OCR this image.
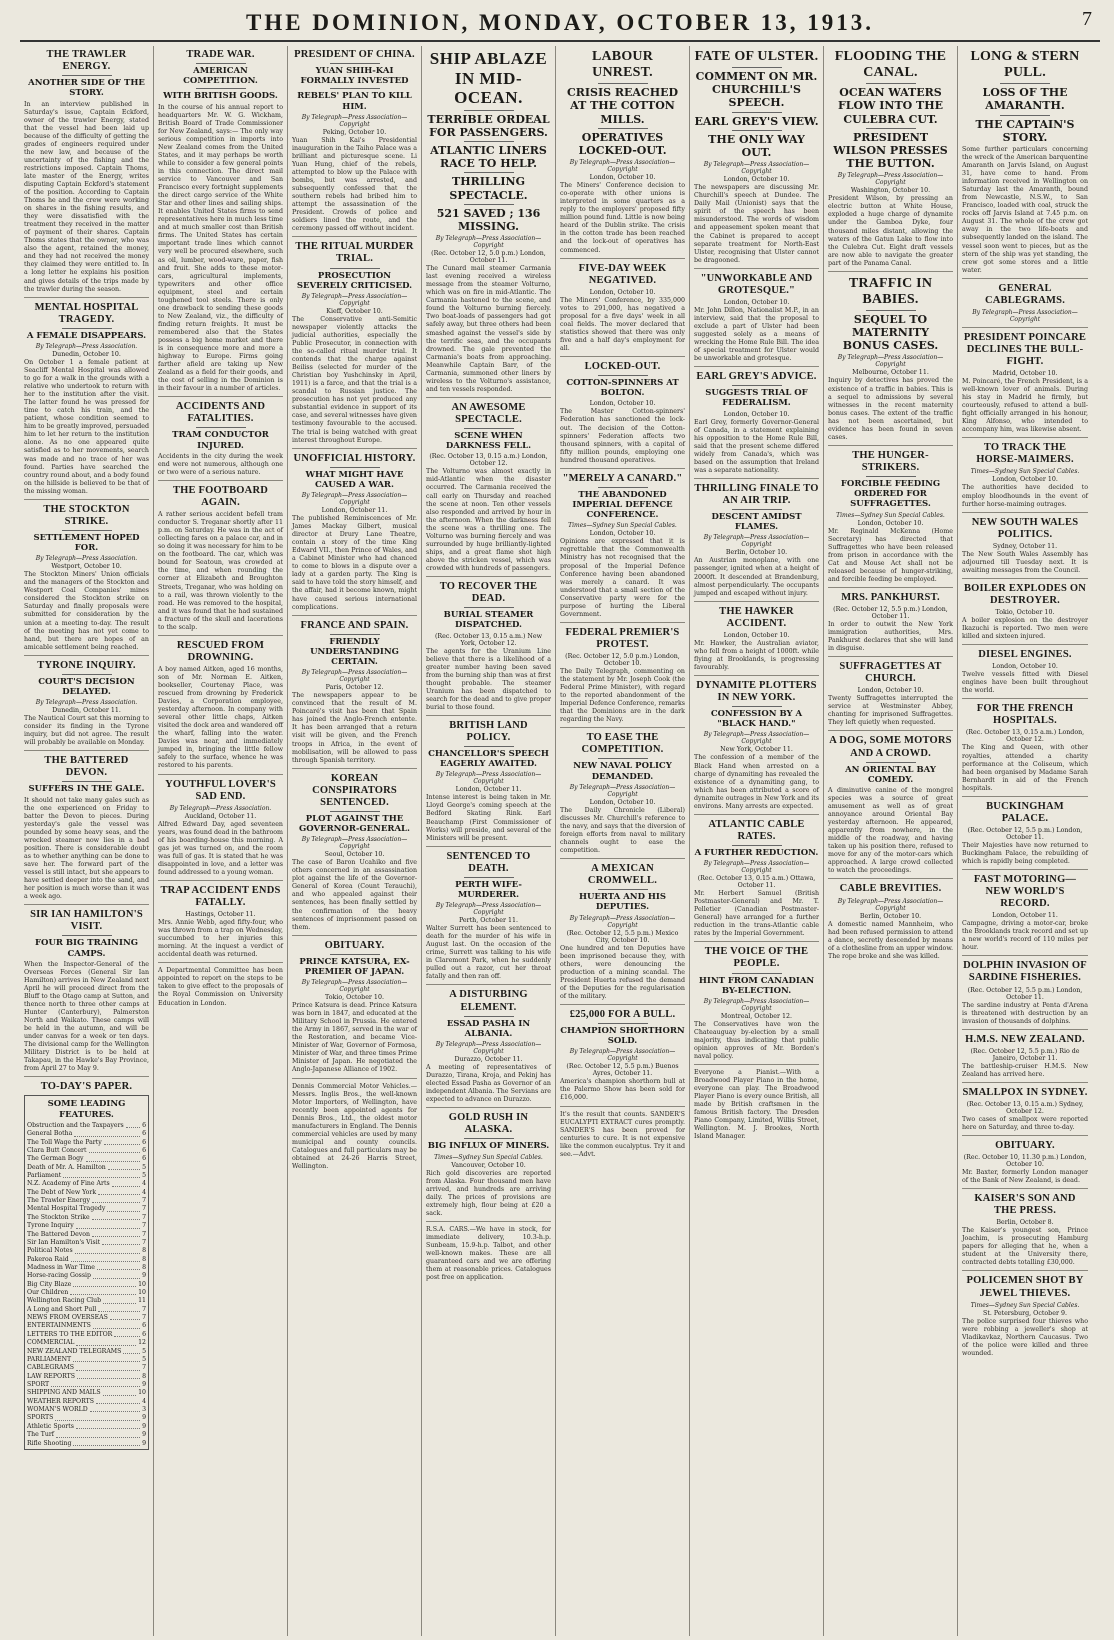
THE DOMINION, MONDAY, OCTOBER 13, 1913.	7
THE TRAWLER ENERGY.
ANOTHER SIDE OF THE STORY.
In an interview published in Saturday's issue, Captain Eckford, owner of the trawler Energy, stated that the vessel had been laid up because of the difficulty of getting the grades of engineers required under the new law, and because of the uncertainty of the fishing and the restrictions imposed. Captain Thoms, late master of the Energy, writes disputing Captain Eckford's statement of the position. According to Captain Thoms he and the crew were working on shares in the fishing results, and they were dissatisfied with the treatment they received in the matter of payment of their shares. Captain Thoms states that the owner, who was also the agent, retained the money, and they had not received the money they claimed they were entitled to. In a long letter he explains his position and gives details of the trips made by the trawler during the season.
MENTAL HOSPITAL TRAGEDY.
A FEMALE DISAPPEARS.
By Telegraph—Press Association.
Dunedin, October 10.
On October 1 a female patient at Seacliff Mental Hospital was allowed to go for a walk in the grounds with a relative who undertook to return with her to the institution after the visit. The latter found he was pressed for time to catch his train, and the patient, whose condition seemed to him to be greatly improved, persuaded him to let her return to the institution alone. As no one appeared quite satisfied as to her movements, search was made and no trace of her was found. Parties have searched the country round about, and a body found on the hillside is believed to be that of the missing woman.
THE STOCKTON STRIKE.
SETTLEMENT HOPED FOR.
By Telegraph—Press Association.
Westport, October 10.
The Stockton Miners' Union officials and the managers of the Stockton and Westport Coal Companies' mines considered the Stockton strike on Saturday and finally proposals were submitted for consideration by the union at a meeting to-day. The result of the meeting has not yet come to hand, but there are hopes of an amicable settlement being reached.
TYRONE INQUIRY.
COURT'S DECISION DELAYED.
By Telegraph—Press Association.
Dunedin, October 11.
The Nautical Court sat this morning to consider its finding in the Tyrone inquiry, but did not agree. The result will probably be available on Monday.
THE BATTERED DEVON.
SUFFERS IN THE GALE.
It should not take many gales such as the one experienced on Friday to batter the Devon to pieces. During yesterday's gale the vessel was pounded by some heavy seas, and the wrecked steamer now lies in a bad position. There is considerable doubt as to whether anything can be done to save her. The forward part of the vessel is still intact, but she appears to have settled deeper into the sand, and her position is much worse than it was a week ago.
SIR IAN HAMILTON'S VISIT.
FOUR BIG TRAINING CAMPS.
When the Inspector-General of the Overseas Forces (General Sir Ian Hamilton) arrives in New Zealand next April he will proceed direct from the Bluff to the Otago camp at Sutton, and thence north to three other camps at Hunter (Canterbury), Palmerston North and Waikato. These camps will be held in the autumn, and will be under canvas for a week or ten days. The divisional camp for the Wellington Military District is to be held at Takapau, in the Hawke's Bay Province, from April 27 to May 9.
TO-DAY'S PAPER.
SOME LEADING FEATURES.
Obstruction and the Taxpayers	6
General Botha	6
The Toll Wage the Party	6
Clara Butt Concert	6
The German Bogy	6
Death of Mr. A. Hamilton	5
Parliament	5
N.Z. Academy of Fine Arts	4
The Debt of New York	4
The Trawler Energy	7
Mental Hospital Tragedy	7
The Stockton Strike	7
Tyrone Inquiry	7
The Battered Devon	7
Sir Ian Hamilton's Visit	7
Political Notes	8
Pakeroa Raid	8
Madness in War Time	8
Horse-racing Gossip	9
Big City Blaze	10
Our Children	10
Wellington Racing Club	11
A Long and Short Pull	7
NEWS FROM OVERSEAS	7
ENTERTAINMENTS	6
LETTERS TO THE EDITOR	6
COMMERCIAL	12
NEW ZEALAND TELEGRAMS	5
PARLIAMENT	5
CABLEGRAMS	7
LAW REPORTS	8
SPORT	9
SHIPPING AND MAILS	10
WEATHER REPORTS	4
WOMAN'S WORLD	3
SPORTS	9
Athletic Sports	9
The Turf	9
Rifle Shooting	9
TRADE WAR.
AMERICAN COMPETITION.
WITH BRITISH GOODS.
In the course of his annual report to headquarters Mr. W. G. Wickham, British Board of Trade Commissioner for New Zealand, says:— The only way serious competition in imports into New Zealand comes from the United States, and it may perhaps be worth while to consider a few general points in this connection. The direct mail service to Vancouver and San Francisco every fortnight supplements the direct cargo service of the White Star and other lines and sailing ships. It enables United States firms to send representatives here in much less time and at much smaller cost than British firms. The United States has certain important trade lines which cannot very well be procured elsewhere, such as oil, lumber, wood-ware, paper, fish and fruit. She adds to these motor-cars, agricultural implements, typewriters and other office equipment, steel and certain toughened tool steels. There is only one drawback to sending these goods to New Zealand, viz., the difficulty of finding return freights. It must be remembered also that the States possess a big home market and there is in consequence more and more a highway to Europe. Firms going farther afield are taking up New Zealand as a field for their goods, and the cost of selling in the Dominion is in their favour in a number of articles.
ACCIDENTS AND FATALITIES.
TRAM CONDUCTOR INJURED.
Accidents in the city during the week end were not numerous, although one or two were of a serious nature.
THE FOOTBOARD AGAIN.
A rather serious accident befell tram conductor S. Treganar shortly after 11 p.m. on Saturday. He was in the act of collecting fares on a palace car, and in so doing it was necessary for him to be on the footboard. The car, which was bound for Seatoun, was crowded at the time, and when rounding the corner at Elizabeth and Broughton Streets, Treganar, who was holding on to a rail, was thrown violently to the road. He was removed to the hospital, and it was found that he had sustained a fracture of the skull and lacerations to the scalp.
RESCUED FROM DROWNING.
A boy named Aitken, aged 16 months, son of Mr. Norman E. Aitken, bookseller, Courtenay Place, was rescued from drowning by Frederick Davies, a Corporation employee, yesterday afternoon. In company with several other little chaps, Aitken visited the dock area and wandered off the wharf, falling into the water. Davies was near, and immediately jumped in, bringing the little fellow safely to the surface, whence he was restored to his parents.
YOUTHFUL LOVER'S SAD END.
By Telegraph—Press Association.
Auckland, October 11.
Alfred Edward Day, aged seventeen years, was found dead in the bathroom of his boarding-house this morning. A gas jet was turned on, and the room was full of gas. It is stated that he was disappointed in love, and a letter was found addressed to a young woman.
TRAP ACCIDENT ENDS FATALLY.
Hastings, October 11.
Mrs. Annie Webb, aged fifty-four, who was thrown from a trap on Wednesday, succumbed to her injuries this morning. At the inquest a verdict of accidental death was returned.
A Departmental Committee has been appointed to report on the steps to be taken to give effect to the proposals of the Royal Commission on University Education in London.
PRESIDENT OF CHINA.
YUAN SHIH-KAI FORMALLY INVESTED
REBELS' PLAN TO KILL HIM.
By Telegraph—Press Association—Copyright
Peking, October 10.
Yuan Shih Kai's Presidential inauguration in the Taiho Palace was a brilliant and picturesque scene. Li Yuan Hung, chief of the rebels, attempted to blow up the Palace with bombs, but was arrested, and subsequently confessed that the southern rebels had bribed him to attempt the assassination of the President. Crowds of police and soldiers lined the route, and the ceremony passed off without incident.
THE RITUAL MURDER TRIAL.
PROSECUTION SEVERELY CRITICISED.
By Telegraph—Press Association—Copyright
Kieff, October 10.
The Conservative anti-Semitic newspaper violently attacks the judicial authorities, especially the Public Prosecutor, in connection with the so-called ritual murder trial. It contends that the charge against Beiliss (selected for murder of the Christian boy Yushchinsky in April, 1911) is a farce, and that the trial is a scandal to Russian justice. The prosecution has not yet produced any substantial evidence in support of its case, and several witnesses have given testimony favourable to the accused. The trial is being watched with great interest throughout Europe.
UNOFFICIAL HISTORY.
WHAT MIGHT HAVE CAUSED A WAR.
By Telegraph—Press Association—Copyright
London, October 11.
The published Reminiscences of Mr. James Mackay Gilbert, musical director at Drury Lane Theatre, contain a story of the time King Edward VII., then Prince of Wales, and a Cabinet Minister who had chanced to come to blows in a dispute over a lady at a garden party. The King is said to have told the story himself, and the affair, had it become known, might have caused serious international complications.
FRANCE AND SPAIN.
FRIENDLY UNDERSTANDING CERTAIN.
By Telegraph—Press Association—Copyright
Paris, October 12.
The newspapers appear to be convinced that the result of M. Poincaré's visit has been that Spain has joined the Anglo-French entente. It has been arranged that a return visit will be given, and the French troops in Africa, in the event of mobilisation, will be allowed to pass through Spanish territory.
KOREAN CONSPIRATORS SENTENCED.
PLOT AGAINST THE GOVERNOR-GENERAL.
By Telegraph—Press Association—Copyright
Seoul, October 10.
The case of Baron Ucahiko and five others concerned in an assassination plot against the life of the Governor-General of Korea (Count Terauchi), and who appealed against their sentences, has been finally settled by the confirmation of the heavy sentences of imprisonment passed on them.
OBITUARY.
PRINCE KATSURA, EX-PREMIER OF JAPAN.
By Telegraph—Press Association—Copyright
Tokio, October 10.
Prince Katsura is dead. Prince Katsura was born in 1847, and educated at the Military School in Prussia. He entered the Army in 1867, served in the war of the Restoration, and became Vice-Minister of War, Governor of Formosa, Minister of War, and three times Prime Minister of Japan. He negotiated the Anglo-Japanese Alliance of 1902.
Dennis Commercial Motor Vehicles.—Messrs. Inglis Bros., the well-known Motor Importers, of Wellington, have recently been appointed agents for Dennis Bros., Ltd., the oldest motor manufacturers in England. The Dennis commercial vehicles are used by many municipal and county councils. Catalogues and full particulars may be obtained at 24-26 Harris Street, Wellington.
SHIP ABLAZE IN MID-OCEAN.
TERRIBLE ORDEAL FOR PASSENGERS.
ATLANTIC LINERS RACE TO HELP.
THRILLING SPECTACLE.
521 SAVED ; 136 MISSING.
By Telegraph—Press Association—Copyright
(Rec. October 12, 5.0 p.m.) London, October 11.
The Cunard mail steamer Carmania last evening received a wireless message from the steamer Volturno, which was on fire in mid-Atlantic. The Carmania hastened to the scene, and found the Volturno burning fiercely. Two boat-loads of passengers had got safely away, but three others had been smashed against the vessel's side by the terrific seas, and the occupants drowned. The gale prevented the Carmania's boats from approaching. Meanwhile Captain Barr, of the Carmania, summoned other liners by wireless to the Volturno's assistance, and ten vessels responded.
AN AWESOME SPECTACLE.
SCENE WHEN DARKNESS FELL.
(Rec. October 13, 0.15 a.m.) London, October 12.
The Volturno was almost exactly in mid-Atlantic when the disaster occurred. The Carmania received the call early on Thursday and reached the scene at noon. Ten other vessels also responded and arrived by hour in the afternoon. When the darkness fell the scene was a thrilling one. The Volturno was burning fiercely and was surrounded by huge brilliantly-lighted ships, and a great flame shot high above the stricken vessel, which was crowded with hundreds of passengers.
TO RECOVER THE DEAD.
BURIAL STEAMER DISPATCHED.
(Rec. October 13, 0.15 a.m.) New York, October 12.
The agents for the Uranium Line believe that there is a likelihood of a greater number having been saved from the burning ship than was at first thought probable. The steamer Uranium has been dispatched to search for the dead and to give proper burial to those found.
BRITISH LAND POLICY.
CHANCELLOR'S SPEECH EAGERLY AWAITED.
By Telegraph—Press Association—Copyright
London, October 11.
Intense interest is being taken in Mr. Lloyd George's coming speech at the Bedford Skating Rink. Earl Beauchamp (First Commissioner of Works) will preside, and several of the Ministers will be present.
SENTENCED TO DEATH.
PERTH WIFE-MURDERER.
By Telegraph—Press Association—Copyright
Perth, October 11.
Walter Surrett has been sentenced to death for the murder of his wife in August last. On the occasion of the crime, Surrett was talking to his wife in Claremont Park, when he suddenly pulled out a razor, cut her throat fatally and then ran off.
A DISTURBING ELEMENT.
ESSAD PASHA IN ALBANIA.
By Telegraph—Press Association—Copyright
Durazzo, October 11.
A meeting of representatives of Durazzo, Tirana, Kroja, and Pekinj has elected Essad Pasha as Governor of an independent Albania. The Servians are expected to advance on Durazzo.
GOLD RUSH IN ALASKA.
BIG INFLUX OF MINERS.
Times—Sydney Sun Special Cables.
Vancouver, October 10.
Rich gold discoveries are reported from Alaska. Four thousand men have arrived, and hundreds are arriving daily. The prices of provisions are extremely high, flour being at £20 a sack.
R.S.A. CARS.—We have in stock, for immediate delivery, 10.3-h.p. Sunbeam, 15.9-h.p. Talbot, and other well-known makes. These are all guaranteed cars and we are offering them at reasonable prices. Catalogues post free on application.
LABOUR UNREST.
CRISIS REACHED AT THE COTTON MILLS.
OPERATIVES LOCKED-OUT.
By Telegraph—Press Association—Copyright
London, October 10.
The Miners' Conference decision to co-operate with other unions is interpreted in some quarters as a reply to the employers' proposed fifty million pound fund. Little is now being heard of the Dublin strike. The crisis in the cotton trade has been reached and the lock-out of operatives has commenced.
FIVE-DAY WEEK NEGATIVED.
London, October 10.
The Miners' Conference, by 335,000 votes to 291,000, has negatived a proposal for a five days' week in all coal fields. The mover declared that statistics showed that there was only five and a half day's employment for all.
LOCKED-OUT.
COTTON-SPINNERS AT BOLTON.
London, October 10.
The Master Cotton-spinners' Federation has sanctioned the lock-out. The decision of the Cotton-spinners' Federation affects two thousand spinners, with a capital of fifty million pounds, employing one hundred thousand operatives.
"MERELY A CANARD."
THE ABANDONED IMPERIAL DEFENCE CONFERENCE.
Times—Sydney Sun Special Cables.
London, October 10.
Opinions are expressed that it is regrettable that the Commonwealth Ministry has not recognised that the proposal of the Imperial Defence Conference having been abandoned was merely a canard. It was understood that a small section of the Conservative party were for the purpose of hurting the Liberal Government.
FEDERAL PREMIER'S PROTEST.
(Rec. October 12, 5.0 p.m.) London, October 10.
The Daily Telegraph, commenting on the statement by Mr. Joseph Cook (the Federal Prime Minister), with regard to the reported abandonment of the Imperial Defence Conference, remarks that the Dominions are in the dark regarding the Navy.
TO EASE THE COMPETITION.
NEW NAVAL POLICY DEMANDED.
By Telegraph—Press Association—Copyright
London, October 10.
The Daily Chronicle (Liberal) discusses Mr. Churchill's reference to the navy, and says that the diversion of foreign efforts from naval to military channels ought to ease the competition.
A MEXICAN CROMWELL.
HUERTA AND HIS DEPUTIES.
By Telegraph—Press Association—Copyright
(Rec. October 12, 5.5 p.m.) Mexico City, October 10.
One hundred and ten Deputies have been imprisoned because they, with others, were denouncing the production of a mining scandal. The President Huerta refused the demand of the Deputies for the regularisation of the military.
£25,000 FOR A BULL.
CHAMPION SHORTHORN SOLD.
By Telegraph—Press Association—Copyright
(Rec. October 12, 5.5 p.m.) Buenos Ayres, October 11.
America's champion shorthorn bull at the Palermo Show has been sold for £16,000.
It's the result that counts. SANDER'S EUCALYPTI EXTRACT cures promptly. SANDER'S has been proved for centuries to cure. It is not expensive like the common eucalyptus. Try it and see.—Advt.
FATE OF ULSTER.
COMMENT ON MR. CHURCHILL'S SPEECH.
EARL GREY'S VIEW.
THE ONLY WAY OUT.
By Telegraph—Press Association—Copyright
London, October 10.
The newspapers are discussing Mr. Churchill's speech at Dundee. The Daily Mail (Unionist) says that the spirit of the speech has been misunderstood. The words of wisdom and appeasement spoken meant that the Cabinet is prepared to accept separate treatment for North-East Ulster, recognising that Ulster cannot be dragooned.
"UNWORKABLE AND GROTESQUE."
London, October 10.
Mr. John Dillon, Nationalist M.P., in an interview, said that the proposal to exclude a part of Ulster had been suggested solely as a means of wrecking the Home Rule Bill. The idea of special treatment for Ulster would be unworkable and grotesque.
EARL GREY'S ADVICE.
SUGGESTS TRIAL OF FEDERALISM.
London, October 10.
Earl Grey, formerly Governor-General of Canada, in a statement explaining his opposition to the Home Rule Bill, said that the present scheme differed widely from Canada's, which was based on the assumption that Ireland was a separate nationality.
THRILLING FINALE TO AN AIR TRIP.
DESCENT AMIDST FLAMES.
By Telegraph—Press Association—Copyright
Berlin, October 10.
An Austrian monoplane, with one passenger, ignited when at a height of 2000ft. It descended at Brandenburg, almost perpendicularly. The occupants jumped and escaped without injury.
THE HAWKER ACCIDENT.
London, October 10.
Mr. Hawker, the Australian aviator, who fell from a height of 1000ft. while flying at Brooklands, is progressing favourably.
DYNAMITE PLOTTERS IN NEW YORK.
CONFESSION BY A "BLACK HAND."
By Telegraph—Press Association—Copyright
New York, October 11.
The confession of a member of the Black Hand when arrested on a charge of dynamiting has revealed the existence of a dynamiting gang, to which has been attributed a score of dynamite outrages in New York and its environs. Many arrests are expected.
ATLANTIC CABLE RATES.
A FURTHER REDUCTION.
By Telegraph—Press Association—Copyright
(Rec. October 13, 0.15 a.m.) Ottawa, October 11.
Mr. Herbert Samuel (British Postmaster-General) and Mr. T. Pelletier (Canadian Postmaster-General) have arranged for a further reduction in the trans-Atlantic cable rates by the Imperial Government.
THE VOICE OF THE PEOPLE.
HINT FROM CANADIAN BY-ELECTION.
By Telegraph—Press Association—Copyright
Montreal, October 12.
The Conservatives have won the Chateauguay by-election by a small majority, thus indicating that public opinion approves of Mr. Borden's naval policy.
Everyone a Pianist.—With a Broadwood Player Piano in the home, everyone can play. The Broadwood Player Piano is every ounce British, all made by British craftsmen in the famous British factory. The Dresden Piano Company, Limited, Willis Street, Wellington. M. J. Brookes, North Island Manager.
FLOODING THE CANAL.
OCEAN WATERS FLOW INTO THE CULEBRA CUT.
PRESIDENT WILSON PRESSES THE BUTTON.
By Telegraph—Press Association—Copyright
Washington, October 10.
President Wilson, by pressing an electric button at White House, exploded a huge charge of dynamite under the Gamboa Dyke, four thousand miles distant, allowing the waters of the Gatun Lake to flow into the Culebra Cut. Eight draft vessels are now able to navigate the greater part of the Panama Canal.
TRAFFIC IN BABIES.
SEQUEL TO MATERNITY BONUS CASES.
By Telegraph—Press Association—Copyright
Melbourne, October 11.
Inquiry by detectives has proved the existence of a traffic in babies. This is a sequel to admissions by several witnesses in the recent maternity bonus cases. The extent of the traffic has not been ascertained, but evidence has been found in seven cases.
THE HUNGER-STRIKERS.
FORCIBLE FEEDING ORDERED FOR SUFFRAGETTES.
Times—Sydney Sun Special Cables.
London, October 10.
Mr. Reginald McKenna (Home Secretary) has directed that Suffragettes who have been released from prison in accordance with the Cat and Mouse Act shall not be released because of hunger-striking, and forcible feeding be employed.
MRS. PANKHURST.
(Rec. October 12, 5.5 p.m.) London, October 11.
In order to outwit the New York immigration authorities, Mrs. Pankhurst declares that she will land in disguise.
SUFFRAGETTES AT CHURCH.
London, October 10.
Twenty Suffragettes interrupted the service at Westminster Abbey, chanting for imprisoned Suffragettes. They left quietly when requested.
A DOG, SOME MOTORS AND A CROWD.
AN ORIENTAL BAY COMEDY.
A diminutive canine of the mongrel species was a source of great amusement as well as of great annoyance around Oriental Bay yesterday afternoon. He appeared, apparently from nowhere, in the middle of the roadway, and having taken up his position there, refused to move for any of the motor-cars which approached. A large crowd collected to watch the proceedings.
CABLE BREVITIES.
By Telegraph—Press Association—Copyright
Berlin, October 10.
A domestic named Mannheim, who had been refused permission to attend a dance, secretly descended by means of a clothesline from an upper window. The rope broke and she was killed.
LONG & STERN PULL.
LOSS OF THE AMARANTH.
THE CAPTAIN'S STORY.
Some further particulars concerning the wreck of the American barquentine Amaranth on Jarvis Island, on August 31, have come to hand. From information received in Wellington on Saturday last the Amaranth, bound from Newcastle, N.S.W., to San Francisco, loaded with coal, struck the rocks off Jarvis Island at 7.45 p.m. on August 31. The whole of the crew got away in the two life-boats and subsequently landed on the island. The vessel soon went to pieces, but as the stern of the ship was yet standing, the crew got some stores and a little water.
GENERAL CABLEGRAMS.
By Telegraph—Press Association—Copyright
PRESIDENT POINCARE DECLINES THE BULL-FIGHT.
Madrid, October 10.
M. Poincaré, the French President, is a well-known lover of animals. During his stay in Madrid he firmly, but courteously, refused to attend a bull-fight officially arranged in his honour, King Alfonso, who intended to accompany him, was likewise absent.
TO TRACK THE HORSE-MAIMERS.
Times—Sydney Sun Special Cables.
London, October 10.
The authorities have decided to employ bloodhounds in the event of further horse-maiming outrages.
NEW SOUTH WALES POLITICS.
Sydney, October 11.
The New South Wales Assembly has adjourned till Tuesday next. It is awaiting messages from the Council.
BOILER EXPLODES ON DESTROYER.
Tokio, October 10.
A boiler explosion on the destroyer Ikazuchi is reported. Two men were killed and sixteen injured.
DIESEL ENGINES.
London, October 10.
Twelve vessels fitted with Diesel engines have been built throughout the world.
FOR THE FRENCH HOSPITALS.
(Rec. October 13, 0.15 a.m.) London, October 12.
The King and Queen, with other royalties, attended a charity performance at the Coliseum, which had been organised by Madame Sarah Bernhardt in aid of the French hospitals.
BUCKINGHAM PALACE.
(Rec. October 12, 5.5 p.m.) London, October 11.
Their Majesties have now returned to Buckingham Palace, the rebuilding of which is rapidly being completed.
FAST MOTORING—NEW WORLD'S RECORD.
London, October 11.
Campagne, driving a motor-car, broke the Brooklands track record and set up a new world's record of 110 miles per hour.
DOLPHIN INVASION OF SARDINE FISHERIES.
(Rec. October 12, 5.5 p.m.) London, October 11.
The sardine industry at Penta d'Arena is threatened with destruction by an invasion of thousands of dolphins.
H.M.S. NEW ZEALAND.
(Rec. October 12, 5.5 p.m.) Rio de Janeiro, October 11.
The battleship-cruiser H.M.S. New Zealand has arrived here.
SMALLPOX IN SYDNEY.
(Rec. October 13, 0.15 a.m.) Sydney, October 12.
Two cases of smallpox were reported here on Saturday, and three to-day.
OBITUARY.
(Rec. October 10, 11.30 p.m.) London, October 10.
Mr. Baxter, formerly London manager of the Bank of New Zealand, is dead.
KAISER'S SON AND THE PRESS.
Berlin, October 8.
The Kaiser's youngest son, Prince Joachim, is prosecuting Hamburg papers for alleging that he, when a student at the University there, contracted debts totalling £30,000.
POLICEMEN SHOT BY JEWEL THIEVES.
Times—Sydney Sun Special Cables.
St. Petersburg, October 9.
The police surprised four thieves who were robbing a jeweller's shop at Vladikavkaz, Northern Caucasus. Two of the police were killed and three wounded.
